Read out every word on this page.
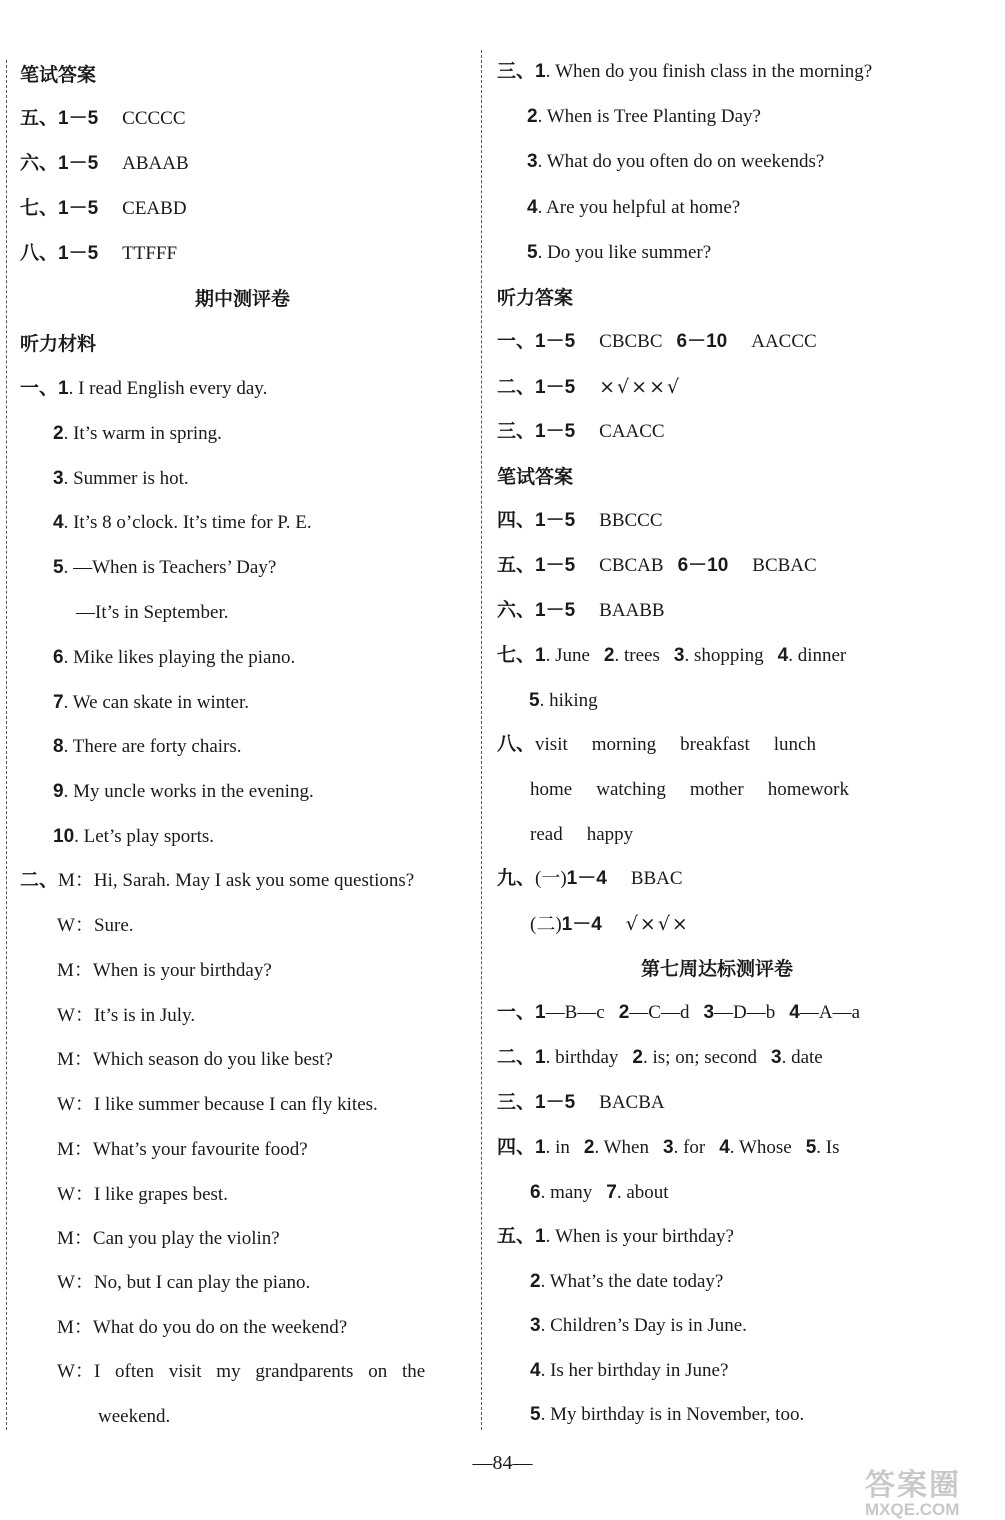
笔试答案
五、1－5 CCCCC
六、1－5 ABAAB
七、1－5 CEABD
八、1－5 TTFFF
期中测评卷
听力材料
一、1. I read English every day.
2. It’s warm in spring.
3. Summer is hot.
4. It’s 8 o’clock. It’s time for P. E.
5. —When is Teachers’ Day?
—It’s in September.
6. Mike likes playing the piano.
7. We can skate in winter.
8. There are forty chairs.
9. My uncle works in the evening.
10. Let’s play sports.
二、M：Hi, Sarah. May I ask you some questions?
W：Sure.
M：When is your birthday?
W：It’s is in July.
M：Which season do you like best?
W：I like summer because I can fly kites.
M：What’s your favourite food?
W：I like grapes best.
M：Can you play the violin?
W：No, but I can play the piano.
M：What do you do on the weekend?
W：I often visit my grandparents on the
weekend.
三、1. When do you finish class in the morning?
2. When is Tree Planting Day?
3. What do you often do on weekends?
4. Are you helpful at home?
5. Do you like summer?
听力答案
一、1－5 CBCBC 6－10 AACCC
二、1－5 ×√××√
三、1－5 CAACC
笔试答案
四、1－5 BBCCC
五、1－5 CBCAB 6－10 BCBAC
六、1－5 BAABB
七、1. June 2. trees 3. shopping 4. dinner
5. hiking
八、visit morning breakfast lunch
home watching mother homework
read happy
九、(一)1－4 BBAC
(二)1－4 √×√×
第七周达标测评卷
一、1—B—c 2—C—d 3—D—b 4—A—a
二、1. birthday 2. is; on; second 3. date
三、1－5 BACBA
四、1. in 2. When 3. for 4. Whose 5. Is
6. many 7. about
五、1. When is your birthday?
2. What’s the date today?
3. Children’s Day is in June.
4. Is her birthday in June?
5. My birthday is in November, too.
—84—
答案圈
MXQE.COM
